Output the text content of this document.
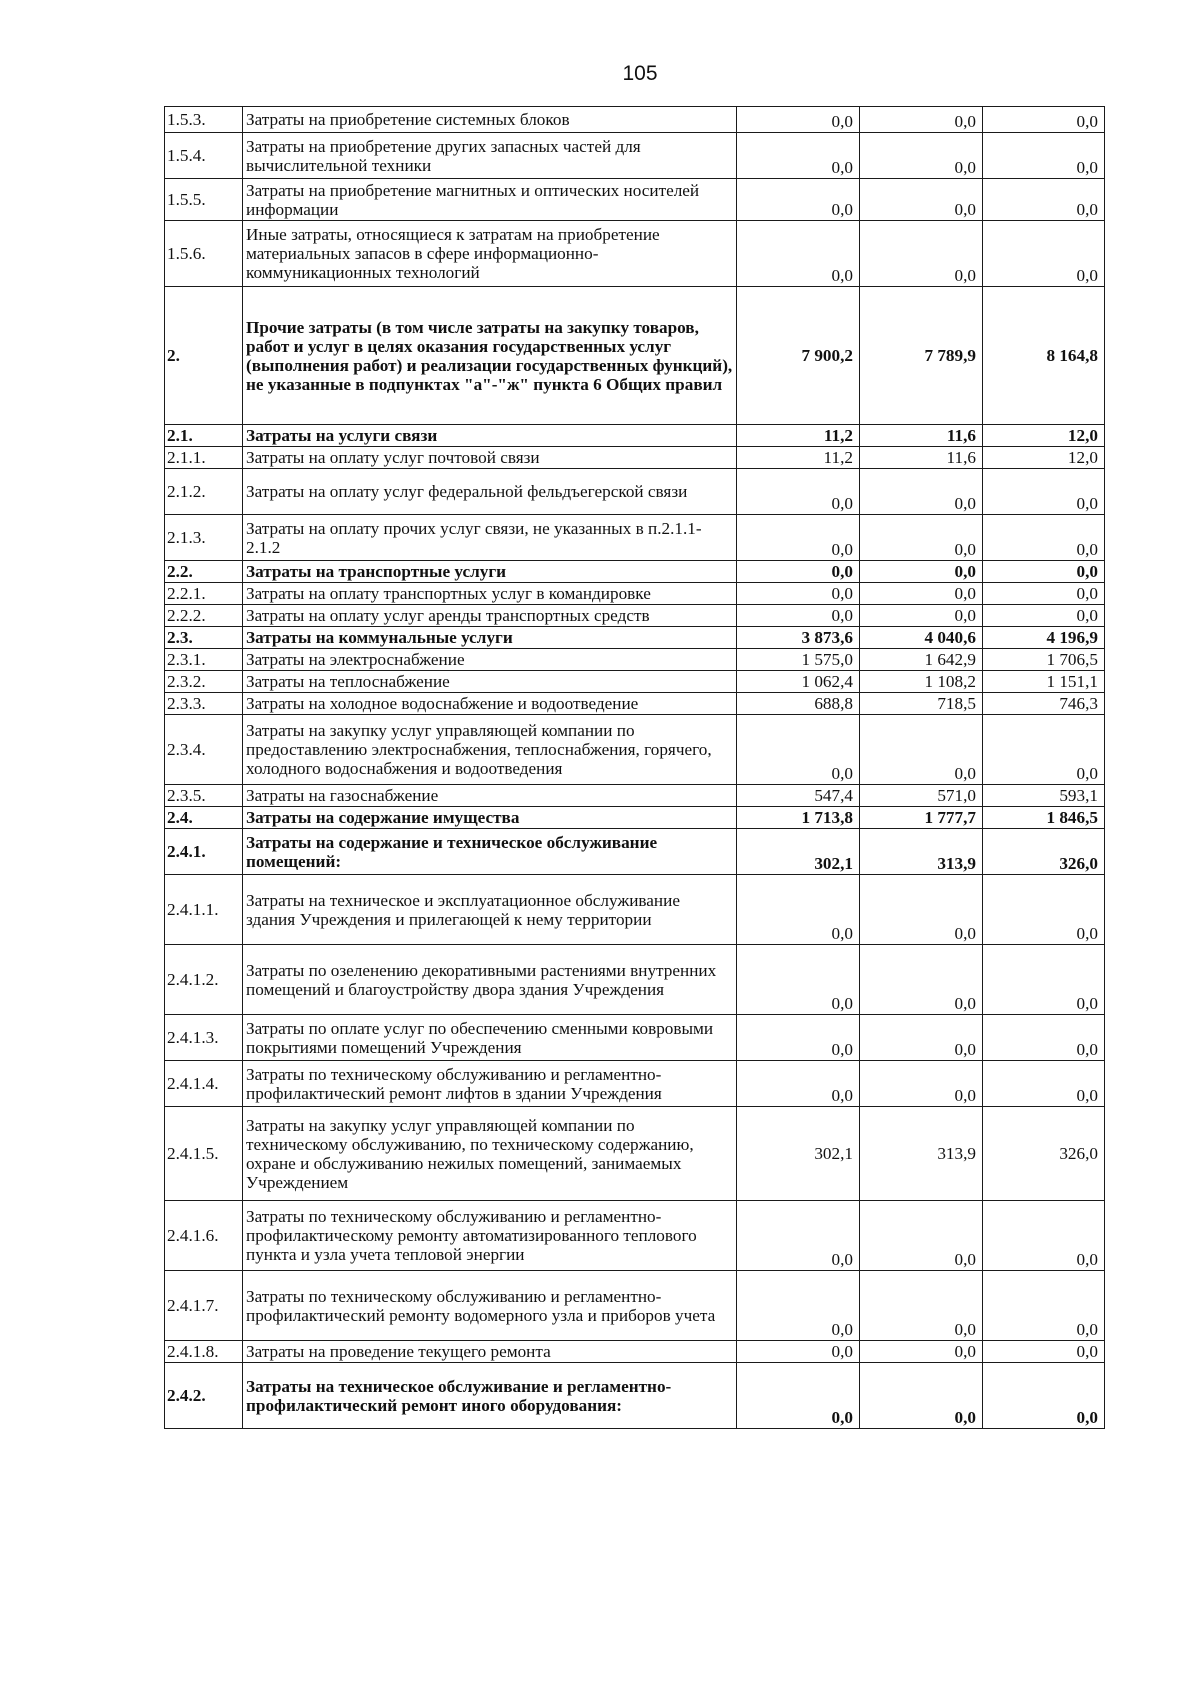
105
1.5.3.	Затраты на приобретение системных блоков	0,0	0,0	0,0
1.5.4.	Затраты на приобретение других запасных частей для вычислительной техники	0,0	0,0	0,0
1.5.5.	Затраты на приобретение магнитных и оптических носителей информации	0,0	0,0	0,0
1.5.6.	Иные затраты, относящиеся к затратам на приобретение материальных запасов в сфере информационно-коммуникационных технологий	0,0	0,0	0,0
2.	Прочие затраты (в том числе затраты на закупку товаров, работ и услуг в целях оказания государственных услуг (выполнения работ) и реализации государственных функций), не указанные в подпунктах "а"-"ж" пункта 6 Общих правил	7 900,2	7 789,9	8 164,8
2.1.	Затраты на услуги связи	11,2	11,6	12,0
2.1.1.	Затраты на оплату услуг почтовой связи	11,2	11,6	12,0
2.1.2.	Затраты на оплату услуг федеральной фельдъегерской связи	0,0	0,0	0,0
2.1.3.	Затраты на оплату прочих услуг связи, не указанных в п.2.1.1-2.1.2	0,0	0,0	0,0
2.2.	Затраты на транспортные услуги	0,0	0,0	0,0
2.2.1.	Затраты на оплату транспортных услуг в командировке	0,0	0,0	0,0
2.2.2.	Затраты на оплату услуг аренды транспортных средств	0,0	0,0	0,0
2.3.	Затраты на коммунальные услуги	3 873,6	4 040,6	4 196,9
2.3.1.	Затраты на электроснабжение	1 575,0	1 642,9	1 706,5
2.3.2.	Затраты на теплоснабжение	1 062,4	1 108,2	1 151,1
2.3.3.	Затраты на холодное водоснабжение и водоотведение	688,8	718,5	746,3
2.3.4.	Затраты на закупку услуг управляющей компании по предоставлению электроснабжения, теплоснабжения, горячего, холодного водоснабжения и водоотведения	0,0	0,0	0,0
2.3.5.	Затраты на газоснабжение	547,4	571,0	593,1
2.4.	Затраты на содержание имущества	1 713,8	1 777,7	1 846,5
2.4.1.	Затраты на содержание и техническое обслуживание помещений:	302,1	313,9	326,0
2.4.1.1.	Затраты на техническое и эксплуатационное обслуживание здания Учреждения и прилегающей к нему территории	0,0	0,0	0,0
2.4.1.2.	Затраты по озеленению декоративными растениями внутренних помещений и благоустройству двора здания Учреждения	0,0	0,0	0,0
2.4.1.3.	Затраты по оплате услуг по обеспечению сменными ковровыми покрытиями помещений Учреждения	0,0	0,0	0,0
2.4.1.4.	Затраты по техническому обслуживанию и регламентно-профилактический ремонт лифтов в здании Учреждения	0,0	0,0	0,0
2.4.1.5.	Затраты на закупку услуг управляющей компании по техническому обслуживанию, по техническому содержанию, охране и обслуживанию нежилых помещений, занимаемых Учреждением	302,1	313,9	326,0
2.4.1.6.	Затраты по техническому обслуживанию и регламентно-профилактическому ремонту автоматизированного теплового пункта и узла учета тепловой энергии	0,0	0,0	0,0
2.4.1.7.	Затраты по техническому обслуживанию и регламентно-профилактический ремонту водомерного узла и приборов учета	0,0	0,0	0,0
2.4.1.8.	Затраты на проведение текущего ремонта	0,0	0,0	0,0
2.4.2.	Затраты на техническое обслуживание и регламентно-профилактический ремонт иного оборудования:	0,0	0,0	0,0
